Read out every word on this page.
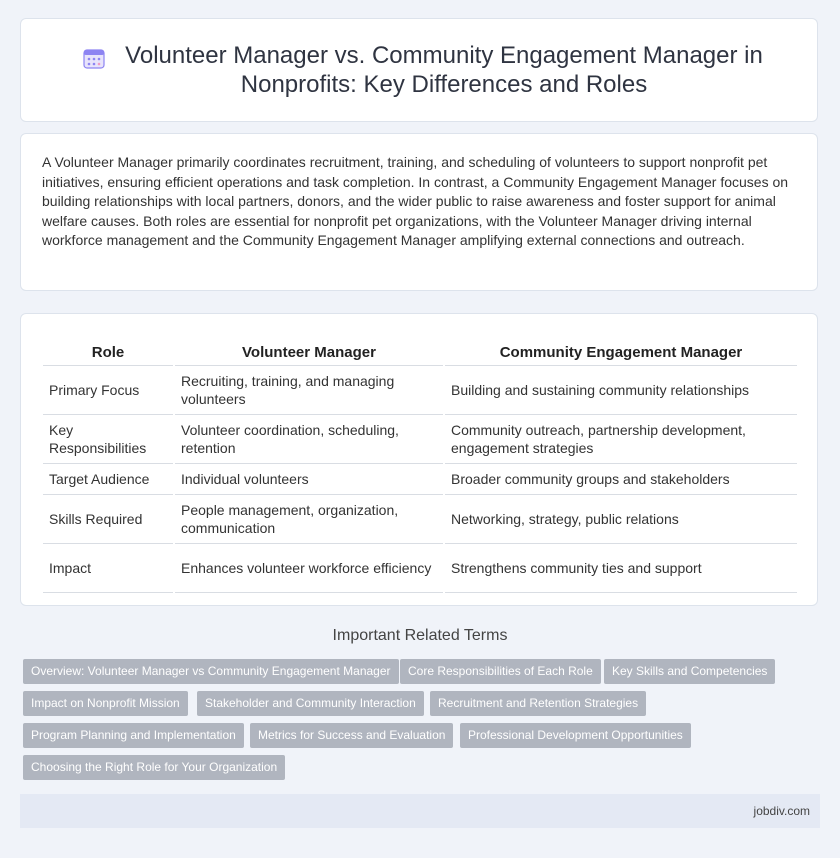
Volunteer Manager vs. Community Engagement Manager in Nonprofits: Key Differences and Roles

A Volunteer Manager primarily coordinates recruitment, training, and scheduling of volunteers to support nonprofit pet initiatives, ensuring efficient operations and task completion. In contrast, a Community Engagement Manager focuses on building relationships with local partners, donors, and the wider public to raise awareness and foster support for animal welfare causes. Both roles are essential for nonprofit pet organizations, with the Volunteer Manager driving internal workforce management and the Community Engagement Manager amplifying external connections and outreach.

Role	Volunteer Manager	Community Engagement Manager
Primary Focus	Recruiting, training, and managing volunteers	Building and sustaining community relationships
Key Responsibilities	Volunteer coordination, scheduling, retention	Community outreach, partnership development, engagement strategies
Target Audience	Individual volunteers	Broader community groups and stakeholders
Skills Required	People management, organization, communication	Networking, strategy, public relations
Impact	Enhances volunteer workforce efficiency	Strengthens community ties and support
Important Related Terms
Overview: Volunteer Manager vs Community Engagement Manager	Core Responsibilities of Each Role	Key Skills and Competencies
Impact on Nonprofit Mission	Stakeholder and Community Interaction	Recruitment and Retention Strategies
Program Planning and Implementation	Metrics for Success and Evaluation	Professional Development Opportunities
Choosing the Right Role for Your Organization
jobdiv.com
